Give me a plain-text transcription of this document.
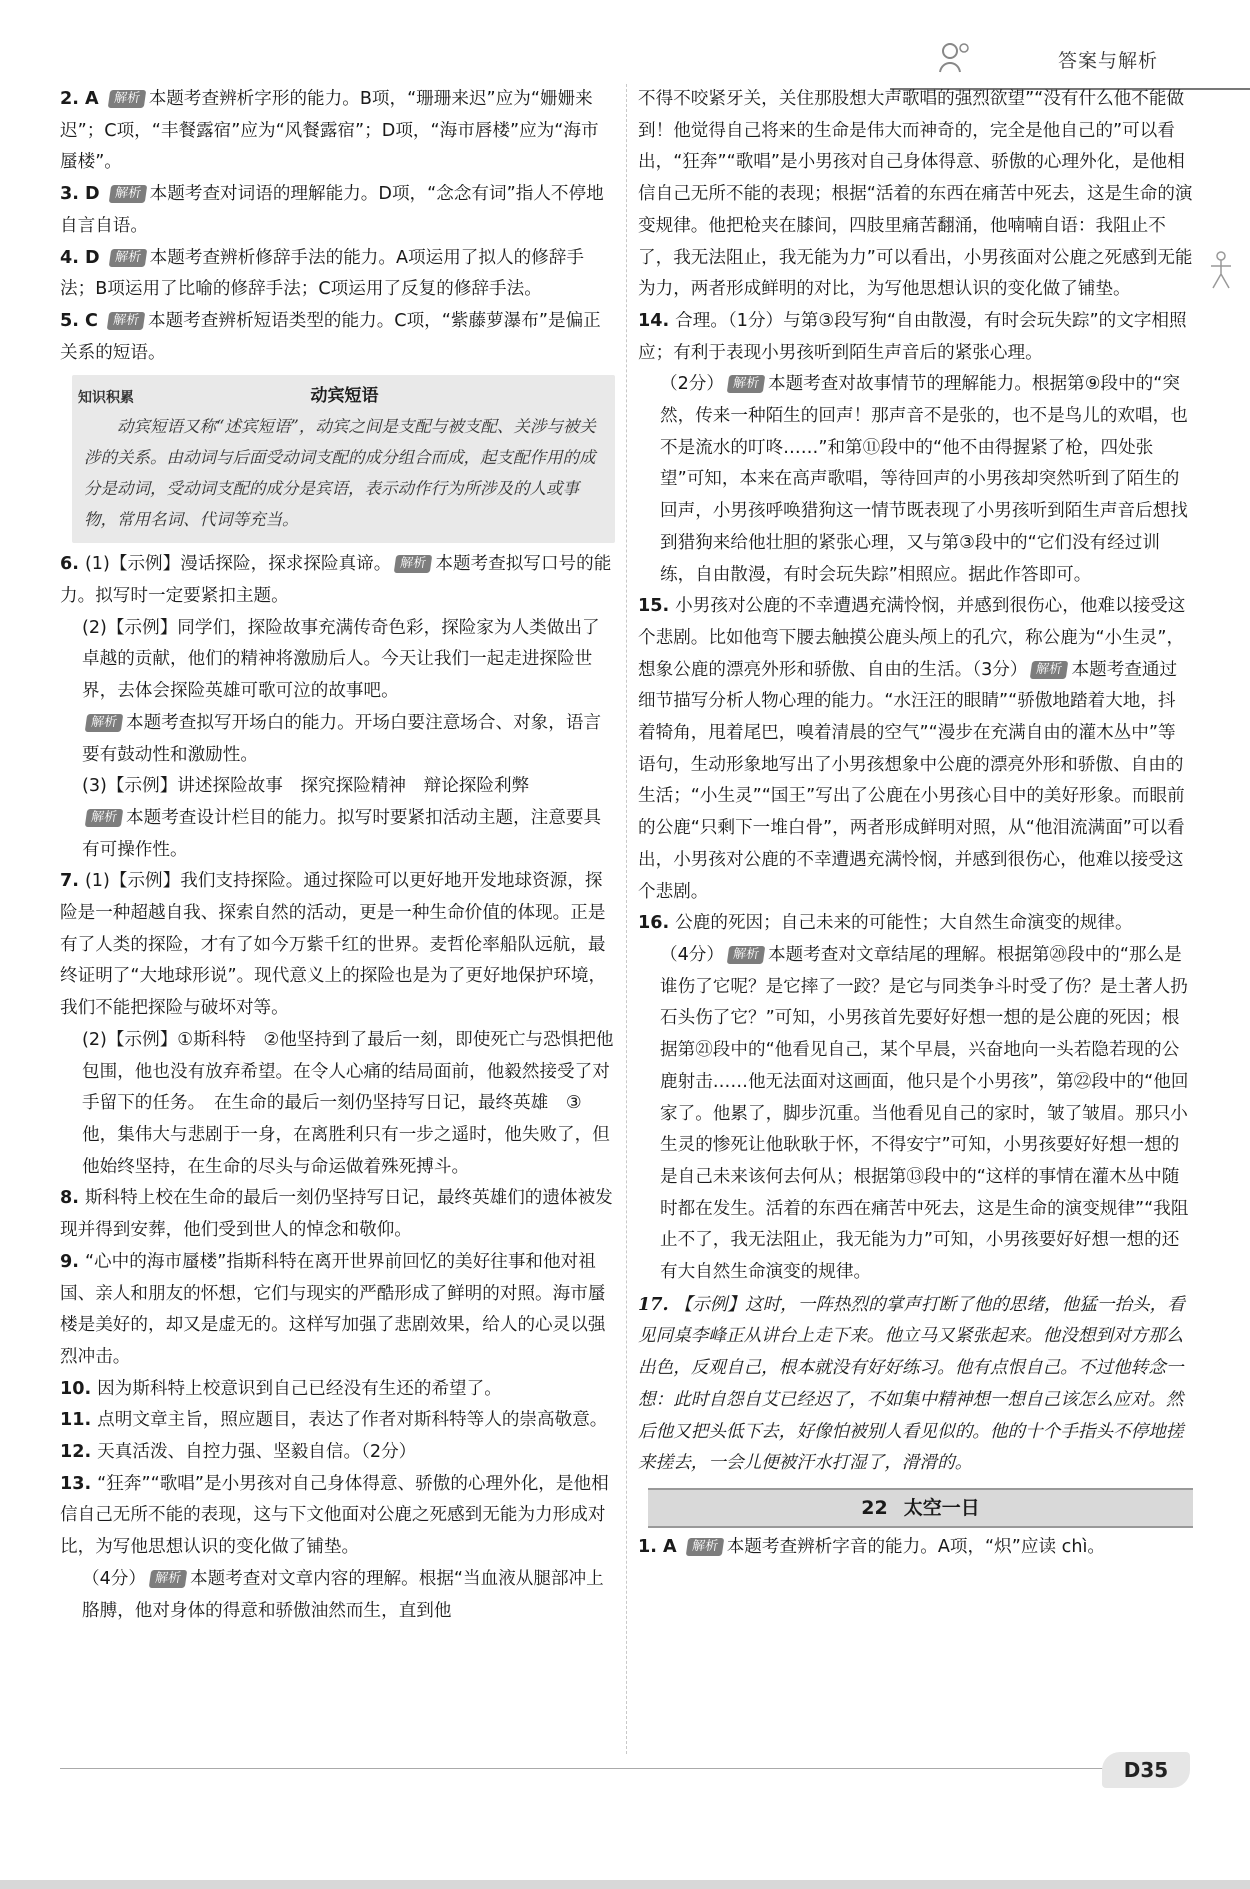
答案与解析
2. A 解析 本题考查辨析字形的能力。B项，“珊珊来迟”应为“姗姗来迟”；C项，“丰餐露宿”应为“风餐露宿”；D项，“海市唇楼”应为“海市蜃楼”。
3. D 解析 本题考查对词语的理解能力。D项，“念念有词”指人不停地自言自语。
4. D 解析 本题考查辨析修辞手法的能力。A项运用了拟人的修辞手法；B项运用了比喻的修辞手法；C项运用了反复的修辞手法。
5. C 解析 本题考查辨析短语类型的能力。C项，“紫藤萝瀑布”是偏正关系的短语。
知识积累	动宾短语
动宾短语又称“述宾短语”，动宾之间是支配与被支配、关涉与被关涉的关系。由动词与后面受动词支配的成分组合而成，起支配作用的成分是动词，受动词支配的成分是宾语，表示动作行为所涉及的人或事物，常用名词、代词等充当。
6. (1)【示例】漫话探险，探求探险真谛。 解析 本题考查拟写口号的能力。拟写时一定要紧扣主题。
(2)【示例】同学们，探险故事充满传奇色彩，探险家为人类做出了卓越的贡献，他们的精神将激励后人。今天让我们一起走进探险世界，去体会探险英雄可歌可泣的故事吧。
解析 本题考查拟写开场白的能力。开场白要注意场合、对象，语言要有鼓动性和激励性。
(3)【示例】讲述探险故事　探究探险精神　辩论探险利弊
解析 本题考查设计栏目的能力。拟写时要紧扣活动主题，注意要具有可操作性。
7. (1)【示例】我们支持探险。通过探险可以更好地开发地球资源，探险是一种超越自我、探索自然的活动，更是一种生命价值的体现。正是有了人类的探险，才有了如今万紫千红的世界。麦哲伦率船队远航，最终证明了“大地球形说”。现代意义上的探险也是为了更好地保护环境，我们不能把探险与破坏对等。
(2)【示例】①斯科特　②他坚持到了最后一刻，即使死亡与恐惧把他包围，他也没有放弃希望。在令人心痛的结局面前，他毅然接受了对手留下的任务。　在生命的最后一刻仍坚持写日记，最终英雄　③他，集伟大与悲剧于一身，在离胜利只有一步之遥时，他失败了，但他始终坚持，在生命的尽头与命运做着殊死搏斗。
8. 斯科特上校在生命的最后一刻仍坚持写日记，最终英雄们的遗体被发现并得到安葬，他们受到世人的悼念和敬仰。
9. “心中的海市蜃楼”指斯科特在离开世界前回忆的美好往事和他对祖国、亲人和朋友的怀想，它们与现实的严酷形成了鲜明的对照。海市蜃楼是美好的，却又是虚无的。这样写加强了悲剧效果，给人的心灵以强烈冲击。
10. 因为斯科特上校意识到自己已经没有生还的希望了。
11. 点明文章主旨，照应题目，表达了作者对斯科特等人的崇高敬意。
12. 天真活泼、自控力强、坚毅自信。（2分）
13. “狂奔”“歌唱”是小男孩对自己身体得意、骄傲的心理外化，是他相信自己无所不能的表现，这与下文他面对公鹿之死感到无能为力形成对比，为写他思想认识的变化做了铺垫。
（4分） 解析 本题考查对文章内容的理解。根据“当血液从腿部冲上胳膊，他对身体的得意和骄傲油然而生，直到他
不得不咬紧牙关，关住那股想大声歌唱的强烈欲望”“没有什么他不能做到！他觉得自己将来的生命是伟大而神奇的，完全是他自己的”可以看出，“狂奔”“歌唱”是小男孩对自己身体得意、骄傲的心理外化，是他相信自己无所不能的表现；根据“活着的东西在痛苦中死去，这是生命的演变规律。他把枪夹在膝间，四肢里痛苦翻涌，他喃喃自语：我阻止不了，我无法阻止，我无能为力”可以看出，小男孩面对公鹿之死感到无能为力，两者形成鲜明的对比，为写他思想认识的变化做了铺垫。
14. 合理。（1分）与第③段写狗“自由散漫，有时会玩失踪”的文字相照应；有利于表现小男孩听到陌生声音后的紧张心理。
（2分） 解析 本题考查对故事情节的理解能力。根据第⑨段中的“突然，传来一种陌生的回声！那声音不是张的，也不是鸟儿的欢唱，也不是流水的叮咚……”和第⑪段中的“他不由得握紧了枪，四处张望”可知，本来在高声歌唱，等待回声的小男孩却突然听到了陌生的回声，小男孩呼唤猎狗这一情节既表现了小男孩听到陌生声音后想找到猎狗来给他壮胆的紧张心理，又与第③段中的“它们没有经过训练，自由散漫，有时会玩失踪”相照应。据此作答即可。
15. 小男孩对公鹿的不幸遭遇充满怜悯，并感到很伤心，他难以接受这个悲剧。比如他弯下腰去触摸公鹿头颅上的孔穴，称公鹿为“小生灵”，想象公鹿的漂亮外形和骄傲、自由的生活。（3分） 解析 本题考查通过细节描写分析人物心理的能力。“水汪汪的眼睛”“骄傲地踏着大地，抖着犄角，甩着尾巴，嗅着清晨的空气”“漫步在充满自由的灌木丛中”等语句，生动形象地写出了小男孩想象中公鹿的漂亮外形和骄傲、自由的生活；“小生灵”“国王”写出了公鹿在小男孩心目中的美好形象。而眼前的公鹿“只剩下一堆白骨”，两者形成鲜明对照，从“他泪流满面”可以看出，小男孩对公鹿的不幸遭遇充满怜悯，并感到很伤心，他难以接受这个悲剧。
16. 公鹿的死因；自己未来的可能性；大自然生命演变的规律。
（4分） 解析 本题考查对文章结尾的理解。根据第⑳段中的“那么是谁伤了它呢？是它摔了一跤？是它与同类争斗时受了伤？是土著人扔石头伤了它？”可知，小男孩首先要好好想一想的是公鹿的死因；根据第㉑段中的“他看见自己，某个早晨，兴奋地向一头若隐若现的公鹿射击……他无法面对这画面，他只是个小男孩”，第㉒段中的“他回家了。他累了，脚步沉重。当他看见自己的家时，皱了皱眉。那只小生灵的惨死让他耿耿于怀，不得安宁”可知，小男孩要好好想一想的是自己未来该何去何从；根据第⑬段中的“这样的事情在灌木丛中随时都在发生。活着的东西在痛苦中死去，这是生命的演变规律”“我阻止不了，我无法阻止，我无能为力”可知，小男孩要好好想一想的还有大自然生命演变的规律。
17. 【示例】这时，一阵热烈的掌声打断了他的思绪，他猛一抬头，看见同桌李峰正从讲台上走下来。他立马又紧张起来。他没想到对方那么出色，反观自己，根本就没有好好练习。他有点恨自己。不过他转念一想：此时自怨自艾已经迟了，不如集中精神想一想自己该怎么应对。然后他又把头低下去，好像怕被别人看见似的。他的十个手指头不停地搓来搓去，一会儿便被汗水打湿了，滑滑的。
22 太空一日
1. A 解析 本题考查辨析字音的能力。A项，“炽”应读 chì。
D35
